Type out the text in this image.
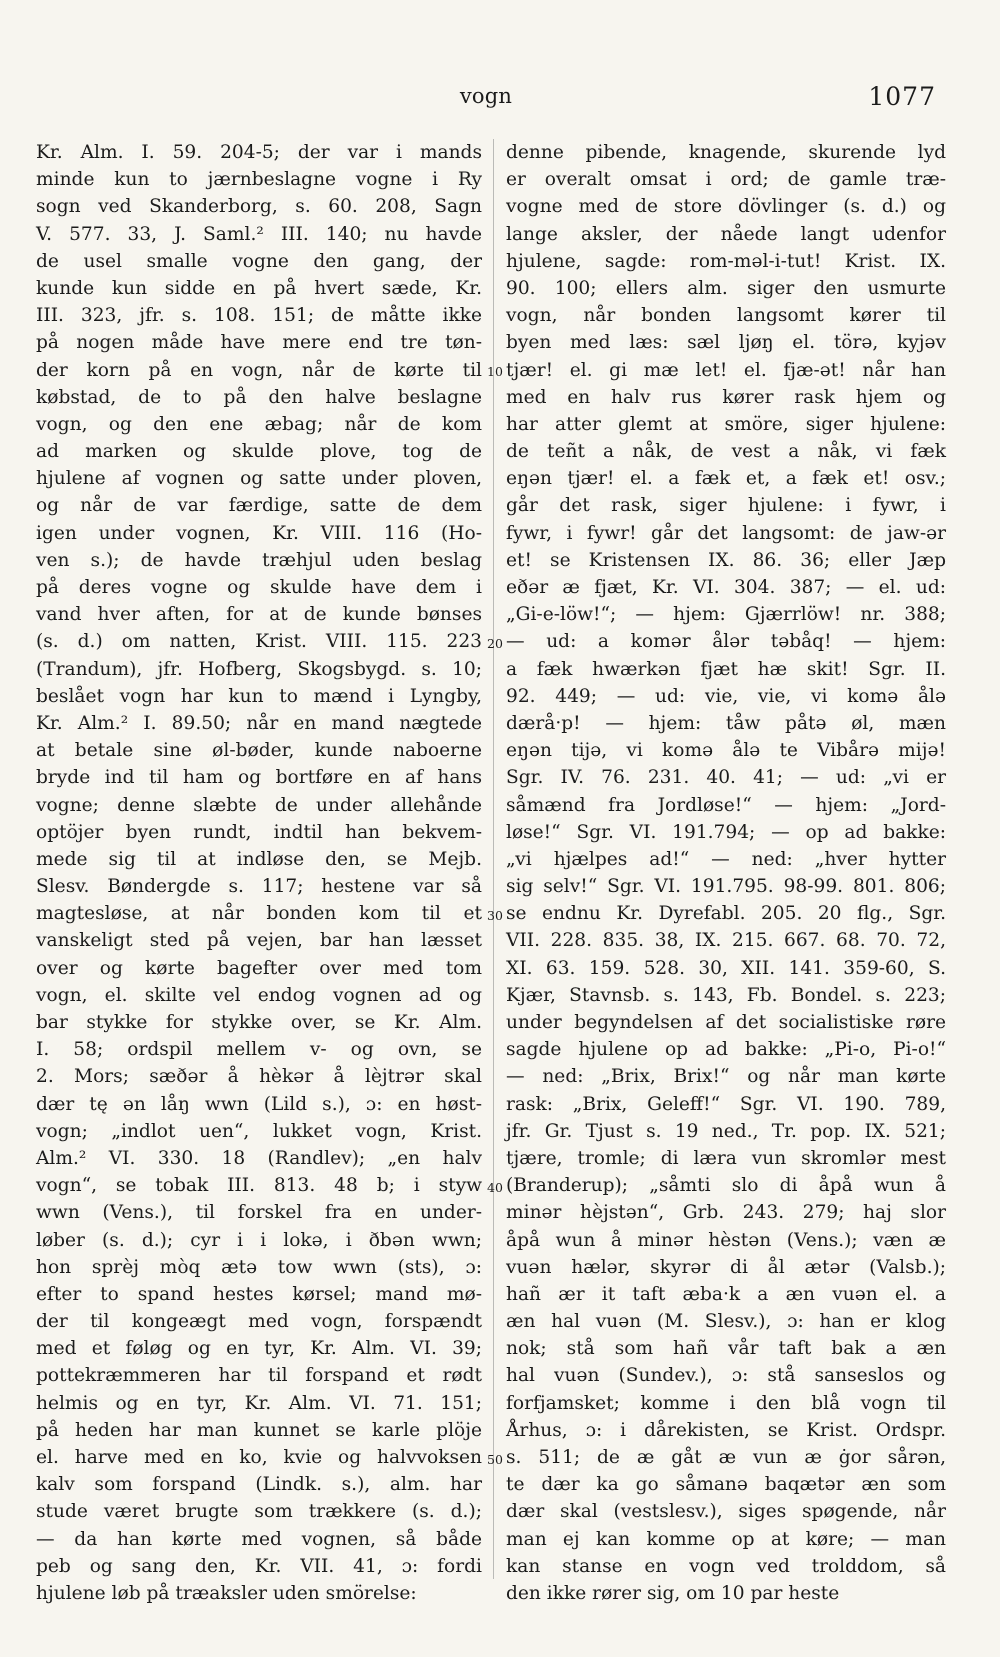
vogn	1077
Kr. Alm. I. 59. 204-5; der var i mands
minde kun to jærnbeslagne vogne i Ry
sogn ved Skanderborg, s. 60. 208, Sagn
V. 577. 33, J. Saml.² III. 140; nu havde
de usel smalle vogne den gang, der
kunde kun sidde en på hvert sæde, Kr.
III. 323, jfr. s. 108. 151; de måtte ikke
på nogen måde have mere end tre tøn-
der korn på en vogn, når de kørte til
købstad, de to på den halve beslagne
vogn, og den ene æbag; når de kom
ad marken og skulde plove, tog de
hjulene af vognen og satte under ploven,
og når de var færdige, satte de dem
igen under vognen, Kr. VIII. 116 (Ho-
ven s.); de havde træhjul uden beslag
på deres vogne og skulde have dem i
vand hver aften, for at de kunde bønses
(s. d.) om natten, Krist. VIII. 115. 223
(Trandum), jfr. Hofberg, Skogsbygd. s. 10;
beslået vogn har kun to mænd i Lyngby,
Kr. Alm.² I. 89.50; når en mand nægtede
at betale sine øl-bøder, kunde naboerne
bryde ind til ham og bortføre en af hans
vogne; denne slæbte de under allehånde
optöjer byen rundt, indtil han bekvem-
mede sig til at indløse den, se Mejb.
Slesv. Bøndergde s. 117; hestene var så
magtesløse, at når bonden kom til et
vanskeligt sted på vejen, bar han læsset
over og kørte bagefter over med tom
vogn, el. skilte vel endog vognen ad og
bar stykke for stykke over, se Kr. Alm.
I. 58; ordspil mellem v- og ovn, se
2. Mors; sæðər å hèkər å lèjtrər skal
dær tę ən låŋ wwn (Lild s.), ɔ: en høst-
vogn; „indlot uen“, lukket vogn, Krist.
Alm.² VI. 330. 18 (Randlev); „en halv
vogn“, se tobak III. 813. 48 b; i styw
wwn (Vens.), til forskel fra en under-
løber (s. d.); cyr i i lokə, i ðbən wwn;
hon sprèj mòq ætə tow wwn (sts), ɔ:
efter to spand hestes kørsel; mand mø-
der til kongeægt med vogn, forspændt
med et føløg og en tyr, Kr. Alm. VI. 39;
pottekræmmeren har til forspand et rødt
helmis og en tyr, Kr. Alm. VI. 71. 151;
på heden har man kunnet se karle plöje
el. harve med en ko, kvie og halvvoksen
kalv som forspand (Lindk. s.), alm. har
stude været brugte som trækkere (s. d.);
— da han kørte med vognen, så både
peb og sang den, Kr. VII. 41, ɔ: fordi
hjulene løb på træaksler uden smörelse:
denne pibende, knagende, skurende lyd
er overalt omsat i ord; de gamle træ-
vogne med de store dövlinger (s. d.) og
lange aksler, der nåede langt udenfor
hjulene, sagde: rom-məl-i-tut! Krist. IX.
90. 100; ellers alm. siger den usmurte
vogn, når bonden langsomt kører til
byen med læs: sæl ljøŋ el. törə, kyjəv
tjær! el. gi mæ let! el. fjæ-ət! når han
med en halv rus kører rask hjem og
har atter glemt at smöre, siger hjulene:
de teñt a nåk, de vest a nåk, vi fæk
eŋən tjær! el. a fæk et, a fæk et! osv.;
går det rask, siger hjulene: i fywr, i
fywr, i fywr! går det langsomt: de jaw-ər
et! se Kristensen IX. 86. 36; eller Jæp
eðər æ fjæt, Kr. VI. 304. 387; — el. ud:
„Gi-e-löw!“; — hjem: Gjærrlöw! nr. 388;
— ud: a komər ålər təbåq! — hjem:
a fæk hwærkən fjæt hæ skit! Sgr. II.
92. 449; — ud: vie, vie, vi komə ålə
dærå·p! — hjem: tåw påtə øl, mæn
eŋən tijə, vi komə ålə te Vibårə mijə!
Sgr. IV. 76. 231. 40. 41; — ud: „vi er
såmænd fra Jordløse!“ — hjem: „Jord-
løse!“ Sgr. VI. 191.794; — op ad bakke:
„vi hjælpes ad!“ — ned: „hver hytter
sig selv!“ Sgr. VI. 191.795. 98-99. 801. 806;
se endnu Kr. Dyrefabl. 205. 20 flg., Sgr.
VII. 228. 835. 38, IX. 215. 667. 68. 70. 72,
XI. 63. 159. 528. 30, XII. 141. 359-60, S.
Kjær, Stavnsb. s. 143, Fb. Bondel. s. 223;
under begyndelsen af det socialistiske røre
sagde hjulene op ad bakke: „Pi-o, Pi-o!“
— ned: „Brix, Brix!“ og når man kørte
rask: „Brix, Geleff!“ Sgr. VI. 190. 789,
jfr. Gr. Tjust s. 19 ned., Tr. pop. IX. 521;
tjære, tromle; di læra vun skromlər mest
(Branderup); „såmti slo di åpå wun å
minər hèjstən“, Grb. 243. 279; haj slor
åpå wun å minər hèstən (Vens.); væn æ
vuən hælər, skyrər di ål ætər (Valsb.);
hañ ær it taft æba·k a æn vuən el. a
æn hal vuən (M. Slesv.), ɔ: han er klog
nok; stå som hañ vår taft bak a æn
hal vuən (Sundev.), ɔ: stå sanseslos og
forfjamsket; komme i den blå vogn til
Århus, ɔ: i dårekisten, se Krist. Ordspr.
s. 511; de æ gåt æ vun æ ġor sårən,
te dær ka go såmanə baqætər æn som
dær skal (vestslesv.), siges spøgende, når
man ej kan komme op at køre; — man
kan stanse en vogn ved trolddom, så
den ikke rører sig, om 10 par heste
10
20
30
40
50
